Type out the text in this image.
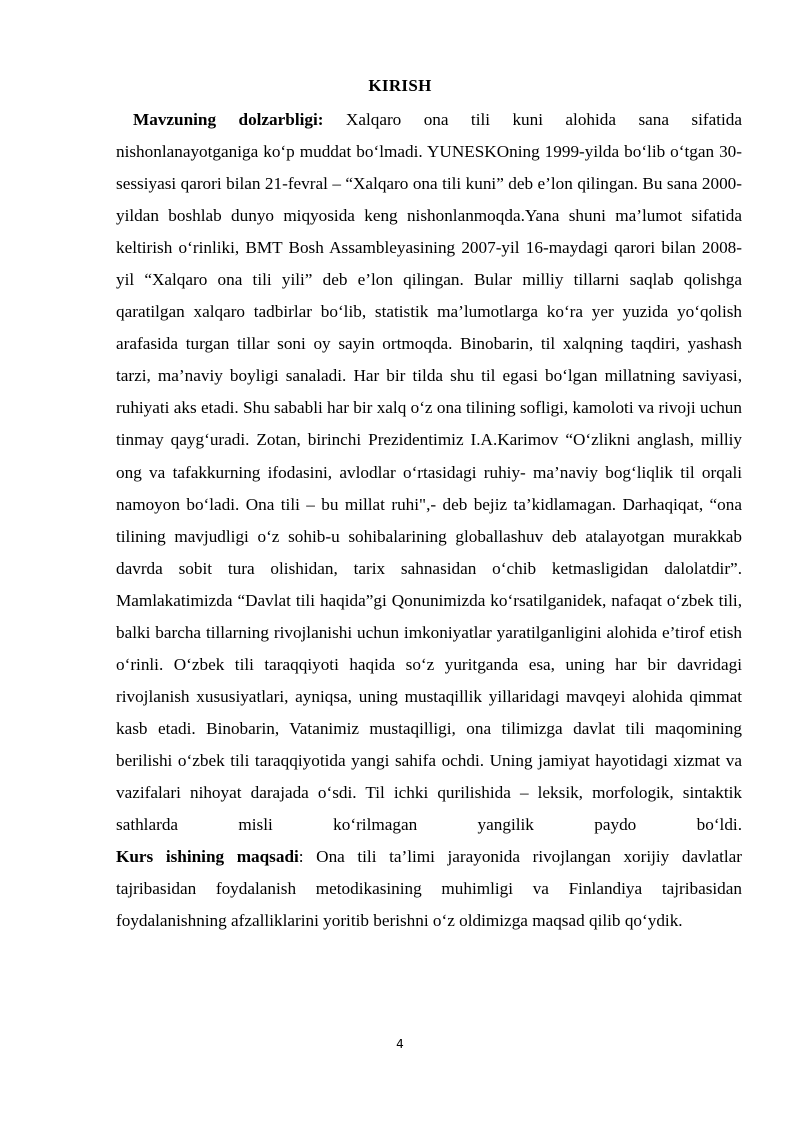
KIRISH

Mavzuning dolzarbligi: Xalqaro ona tili kuni alohida sana sifatida nishonlanayotganiga ko‘p muddat bo‘lmadi. YUNESKOning 1999-yilda bo‘lib o‘tgan 30-sessiyasi qarori bilan 21-fevral – “Xalqaro ona tili kuni” deb e’lon qilingan. Bu sana 2000-yildan boshlab dunyo miqyosida keng nishonlanmoqda.Yana shuni ma’lumot sifatida keltirish o‘rinliki, BMT Bosh Assambleyasining 2007-yil 16-maydagi qarori bilan 2008-yil “Xalqaro ona tili yili” deb e’lon qilingan. Bular milliy tillarni saqlab qolishga qaratilgan xalqaro tadbirlar bo‘lib, statistik ma’lumotlarga ko‘ra yer yuzida yo‘qolish arafasida turgan tillar soni oy sayin ortmoqda. Binobarin, til xalqning taqdiri, yashash tarzi, ma’naviy boyligi sanaladi. Har bir tilda shu til egasi bo‘lgan millatning saviyasi, ruhiyati aks etadi. Shu sababli har bir xalq o‘z ona tilining sofligi, kamoloti va rivoji uchun tinmay qayg‘uradi. Zotan, birinchi Prezidentimiz I.A.Karimov “O‘zlikni anglash, milliy ong va tafakkurning ifodasini, avlodlar o‘rtasidagi ruhiy- ma’naviy bog‘liqlik til orqali namoyon bo‘ladi. Ona tili – bu millat ruhi",- deb bejiz ta’kidlamagan. Darhaqiqat, “ona tilining mavjudligi o‘z sohib-u sohibalarining globallashuv deb atalayotgan murakkab davrda sobit tura olishidan, tarix sahnasidan o‘chib ketmasligidan dalolatdir”. Mamlakatimizda “Davlat tili haqida”gi Qonunimizda ko‘rsatilganidek, nafaqat o‘zbek tili, balki barcha tillarning rivojlanishi uchun imkoniyatlar yaratilganligini alohida e’tirof etish o‘rinli. O‘zbek tili taraqqiyoti haqida so‘z yuritganda esa, uning har bir davridagi rivojlanish xususiyatlari, ayniqsa, uning mustaqillik yillaridagi mavqeyi alohida qimmat kasb etadi. Binobarin, Vatanimiz mustaqilligi, ona tilimizga davlat tili maqomining berilishi o‘zbek tili taraqqiyotida yangi sahifa ochdi. Uning jamiyat hayotidagi xizmat va vazifalari nihoyat darajada o‘sdi. Til ichki qurilishida – leksik, morfologik, sintaktik sathlarda misli ko‘rilmagan yangilik paydo bo‘ldi.

Kurs ishining maqsadi: Ona tili ta’limi jarayonida rivojlangan xorijiy davlatlar tajribasidan foydalanish metodikasining muhimligi va Finlandiya tajribasidan foydalanishning afzalliklarini yoritib berishni o‘z oldimizga maqsad qilib qo‘ydik.

4
